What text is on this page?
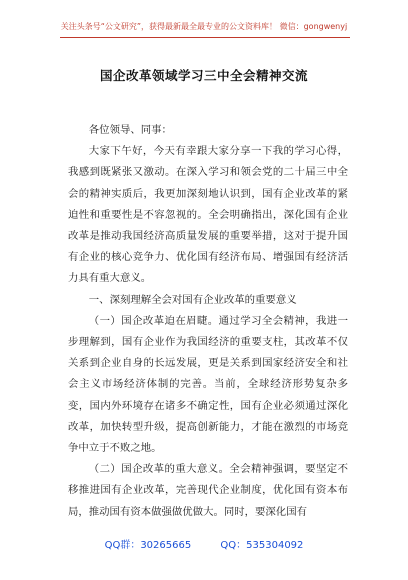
关注头条号“公文研究”，获得最新最全最专业的公文资料库！ 微信：gongwenyj
国企改革领域学习三中全会精神交流

各位领导、同事：

大家下午好，今天有幸跟大家分享一下我的学习心得，我感到既紧张又激动。在深入学习和领会党的二十届三中全会的精神实质后，我更加深刻地认识到，国有企业改革的紧迫性和重要性是不容忽视的。全会明确指出，深化国有企业改革是推动我国经济高质量发展的重要举措，这对于提升国有企业的核心竞争力、优化国有经济布局、增强国有经济活力具有重大意义。

一、深刻理解全会对国有企业改革的重要意义

（一）国企改革迫在眉睫。通过学习全会精神，我进一步理解到，国有企业作为我国经济的重要支柱，其改革不仅关系到企业自身的长远发展，更是关系到国家经济安全和社会主义市场经济体制的完善。当前，全球经济形势复杂多变，国内外环境存在诸多不确定性，国有企业必须通过深化改革，加快转型升级，提高创新能力，才能在激烈的市场竞争中立于不败之地。

（二）国企改革的重大意义。全会精神强调，要坚定不移推进国有企业改革，完善现代企业制度，优化国有资本布局，推动国有资本做强做优做大。同时，要深化国有

QQ群：30265665	QQ：535304092
